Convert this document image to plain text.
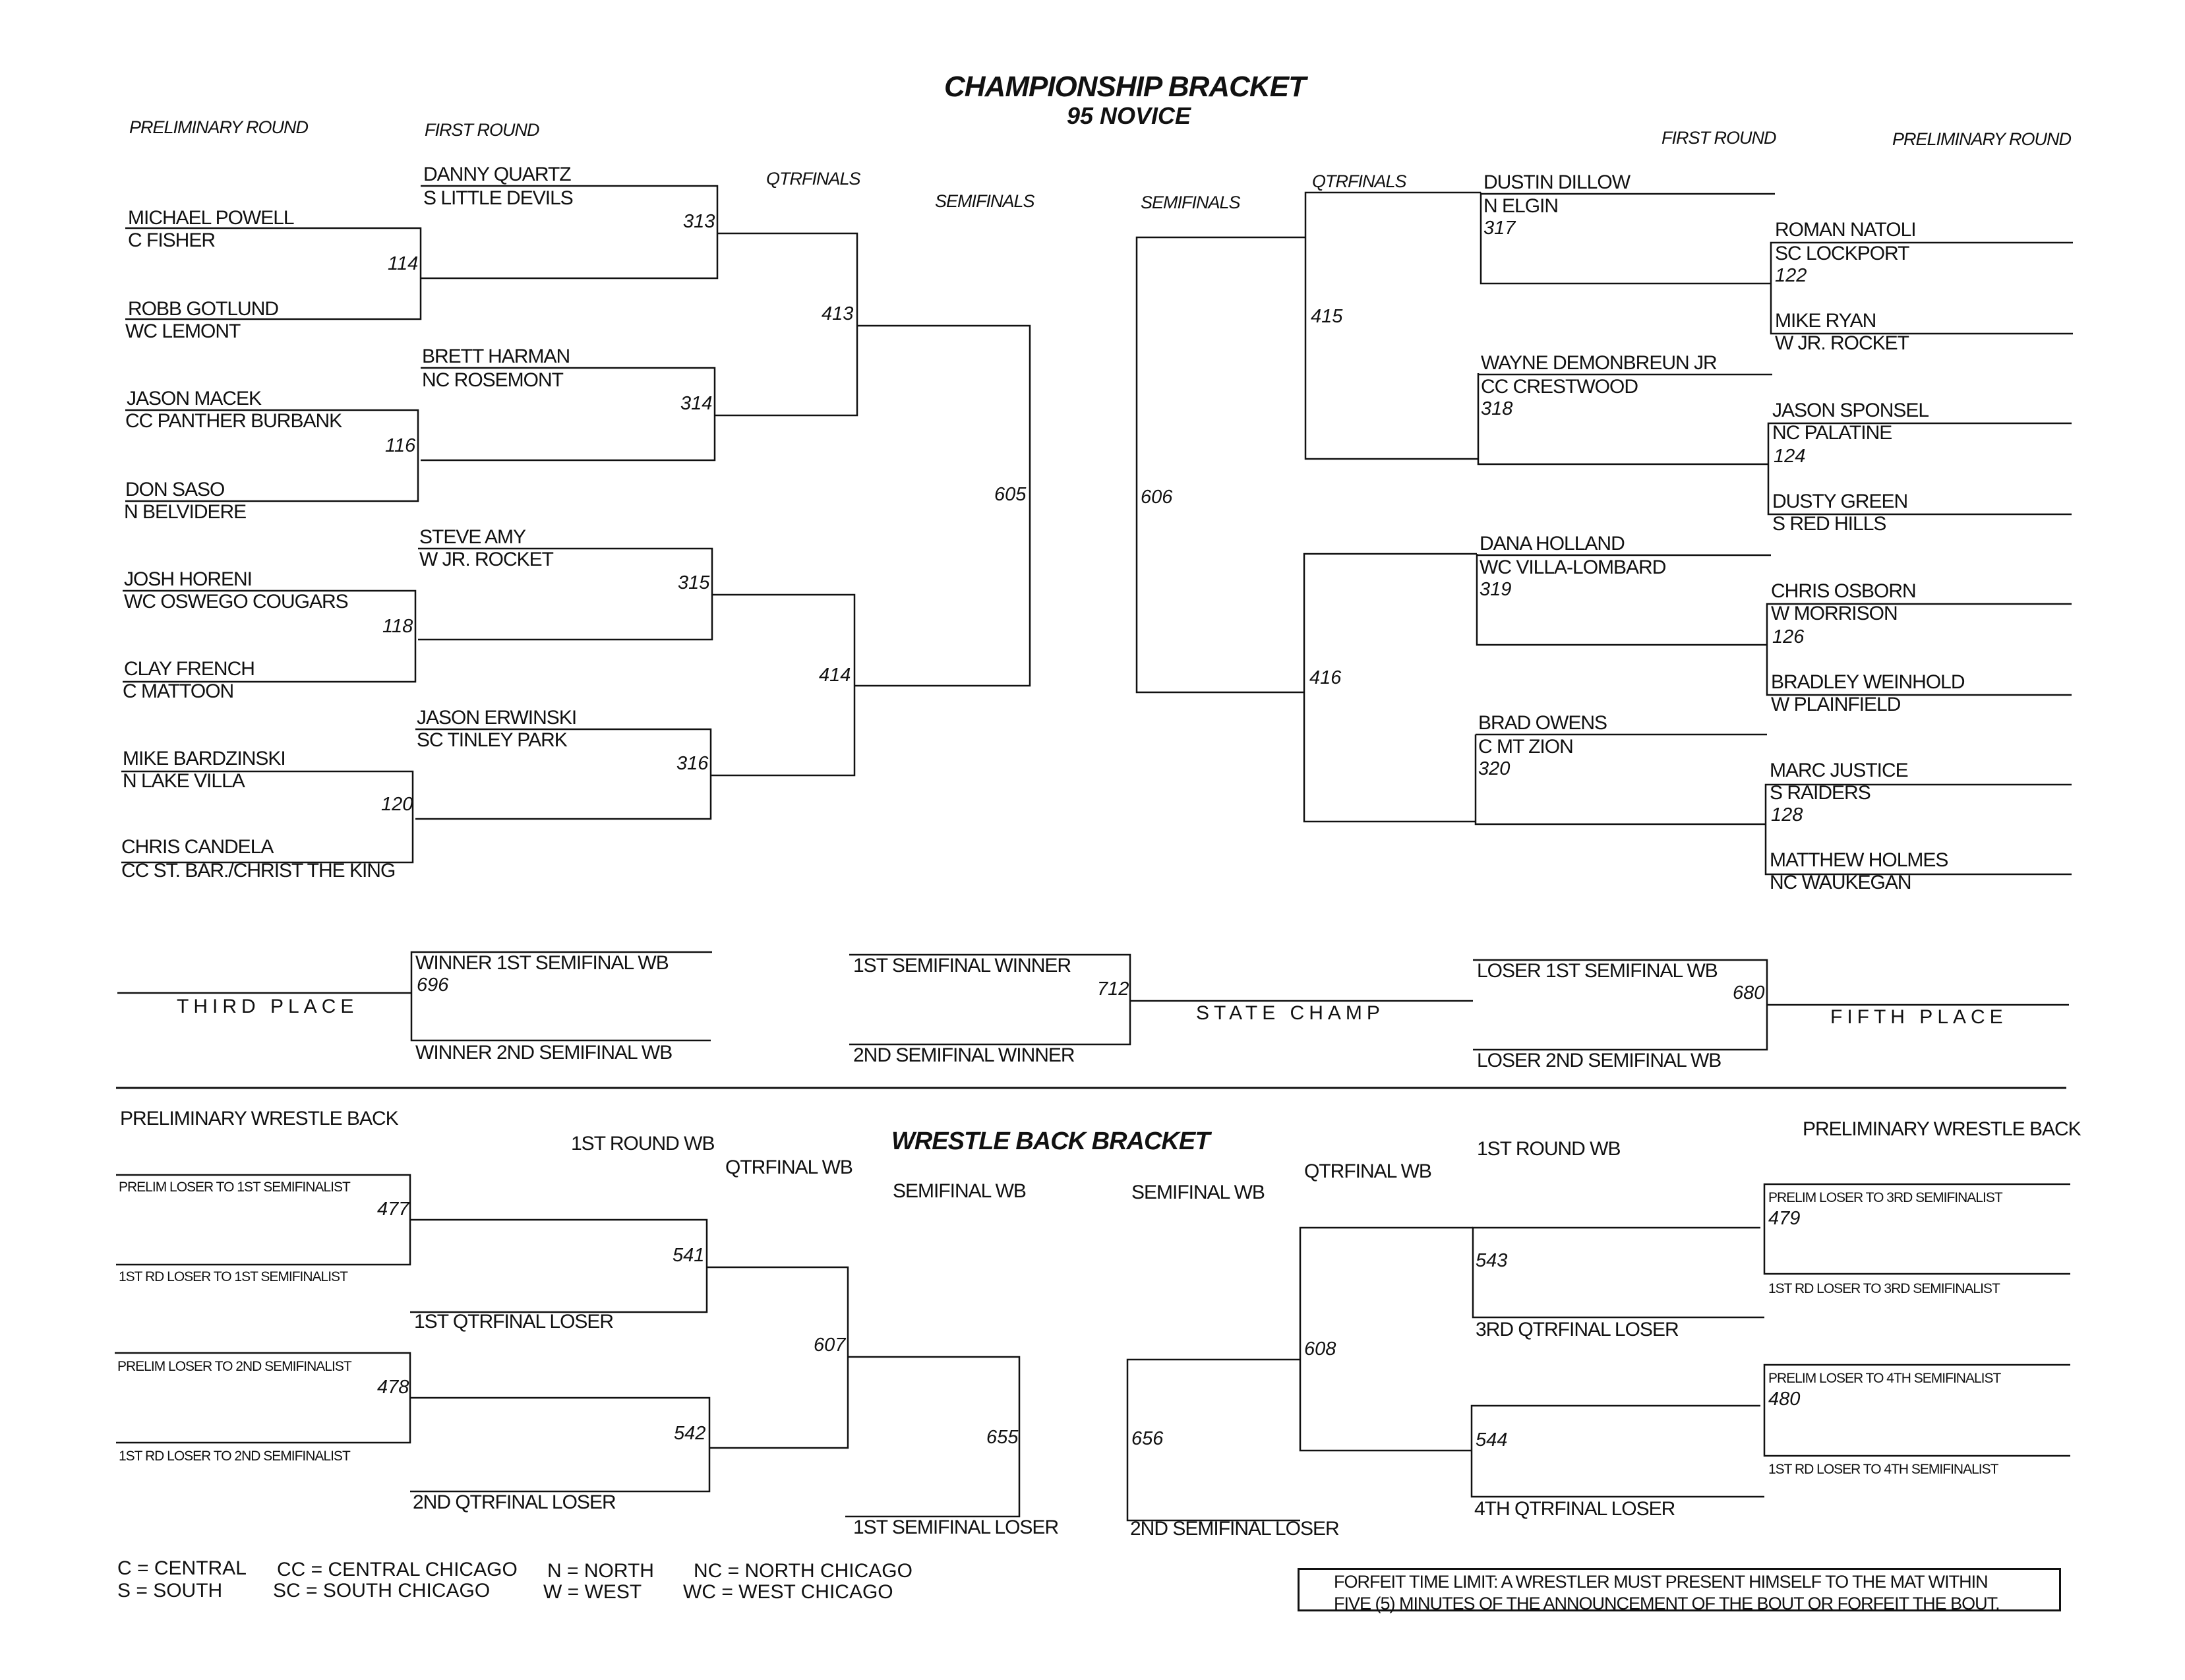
CHAMPIONSHIP BRACKET
95 NOVICE
PRELIMINARY ROUND	FIRST ROUND
QTRFINALS
SEMIFINALS	SEMIFINALS
QTRFINALS
FIRST ROUND	PRELIMINARY ROUND
MICHAEL POWELL
C FISHER
ROBB GOTLUND
WC LEMONT
JASON MACEK
CC PANTHER BURBANK
DON SASO
N BELVIDERE
JOSH HORENI
WC OSWEGO COUGARS
CLAY FRENCH
C MATTOON
MIKE BARDZINSKI
N LAKE VILLA
CHRIS CANDELA
CC ST. BAR./CHRIST THE KING
114
116
118
120
DANNY QUARTZ
S LITTLE DEVILS
BRETT HARMAN
NC ROSEMONT
STEVE AMY
W JR. ROCKET
JASON ERWINSKI
SC TINLEY PARK
313
314
315
316
413
414
605	606
415
416
DUSTIN DILLOW
N ELGIN
317
WAYNE DEMONBREUN JR
CC CRESTWOOD
318
DANA HOLLAND
WC VILLA-LOMBARD
319
BRAD OWENS
C MT ZION
320
ROMAN NATOLI
SC LOCKPORT
122
MIKE RYAN
W JR. ROCKET
JASON SPONSEL
NC PALATINE
124
DUSTY GREEN
S RED HILLS
CHRIS OSBORN
W MORRISON
126
BRADLEY WEINHOLD
W PLAINFIELD
MARC JUSTICE
S RAIDERS
128
MATTHEW HOLMES
NC WAUKEGAN
THIRD PLACE
WINNER 1ST SEMIFINAL WB
696
WINNER 2ND SEMIFINAL WB
1ST SEMIFINAL WINNER
712
2ND SEMIFINAL WINNER
STATE CHAMP
LOSER 1ST SEMIFINAL WB
680
LOSER 2ND SEMIFINAL WB
FIFTH PLACE
WRESTLE BACK BRACKET
PRELIMINARY WRESTLE BACK	PRELIMINARY WRESTLE BACK
1ST ROUND WB	1ST ROUND WB
QTRFINAL WB	QTRFINAL WB
SEMIFINAL WB	SEMIFINAL WB
PRELIM LOSER TO 1ST SEMIFINALIST
477
1ST RD LOSER TO 1ST SEMIFINALIST
PRELIM LOSER TO 2ND SEMIFINALIST
478
1ST RD LOSER TO 2ND SEMIFINALIST
541
1ST QTRFINAL LOSER
542
2ND QTRFINAL LOSER
607
655
1ST SEMIFINAL LOSER
656
2ND SEMIFINAL LOSER
608
543
3RD QTRFINAL LOSER
544
4TH QTRFINAL LOSER
PRELIM LOSER TO 3RD SEMIFINALIST
479
1ST RD LOSER TO 3RD SEMIFINALIST
PRELIM LOSER TO 4TH SEMIFINALIST
480
1ST RD LOSER TO 4TH SEMIFINALIST
C = CENTRAL
S = SOUTH
CC = CENTRAL CHICAGO
SC = SOUTH CHICAGO
N = NORTH
W = WEST
NC = NORTH CHICAGO
WC = WEST CHICAGO	FORFEIT TIME LIMIT: A WRESTLER MUST PRESENT HIMSELF TO THE MAT WITHIN
FIVE (5) MINUTES OF THE ANNOUNCEMENT OF THE BOUT OR FORFEIT THE BOUT.
